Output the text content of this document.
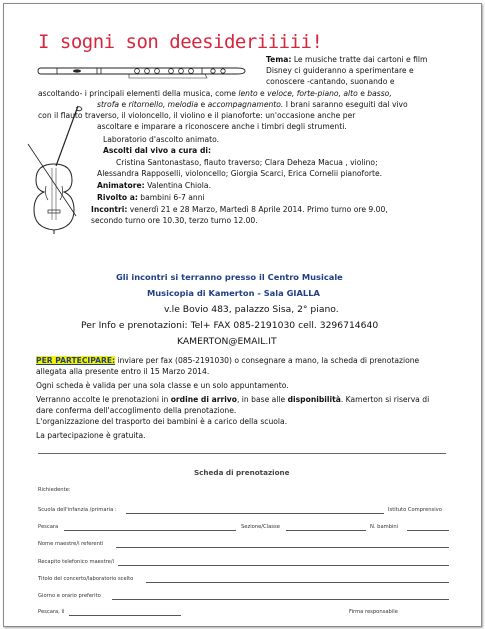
I sogni son deesideriiiii!
Tema: Le musiche tratte dai cartoni e film
Disney ci guideranno a sperimentare e
conoscere -cantando, suonando e
ascoltando- i principali elementi della musica, come lento e veloce, forte-piano, alto e basso,
strofa e ritornello, melodia e accompagnamento. I brani saranno eseguiti dal vivo
con il flauto traverso, il violoncello, il violino e il pianoforte: un'occasione anche per
ascoltare e imparare a riconoscere anche i timbri degli strumenti.
Laboratorio d'ascolto animato.
Ascolti dal vivo a cura di:
Cristina Santonastaso, flauto traverso; Clara Deheza Macua , violino;
Alessandra Rapposelli, violoncello; Giorgia Scarci, Erica Cornelii pianoforte.
Animatore: Valentina Chiola.
Rivolto a: bambini 6-7 anni
Incontri: venerdì 21 e 28 Marzo, Martedì 8 Aprile 2014. Primo turno ore 9.00,
secondo turno ore 10.30, terzo turno 12.00.
Gli incontri si terranno presso il Centro Musicale
Musicopia di Kamerton - Sala GIALLA
v.le Bovio 483, palazzo Sisa, 2° piano.
Per Info e prenotazioni: Tel+ FAX 085-2191030 cell. 3296714640
KAMERTON@EMAIL.IT
PER PARTECIPARE: inviare per fax (085-2191030) o consegnare a mano, la scheda di prenotazione
allegata alla presente entro il 15 Marzo 2014.
Ogni scheda è valida per una sola classe e un solo appuntamento.
Verranno accolte le prenotazioni in ordine di arrivo, in base alle disponibilità. Kamerton si riserva di
dare conferma dell'accoglimento della prenotazione.
L'organizzazione del trasporto dei bambini è a carico della scuola.
La partecipazione è gratuita.
Scheda di prenotazione
Richiedente:
Scuola dell'infanzia /primaria :	Istituto Comprensivo
Pescara	Sezione/Classe	N. bambini
Nome maestre/i referenti
Recapito telefonico maestre/i
Titolo del concerto/laboratorio scelto
Giorno e orario preferito
Pescara, lì	Firma responsabile
